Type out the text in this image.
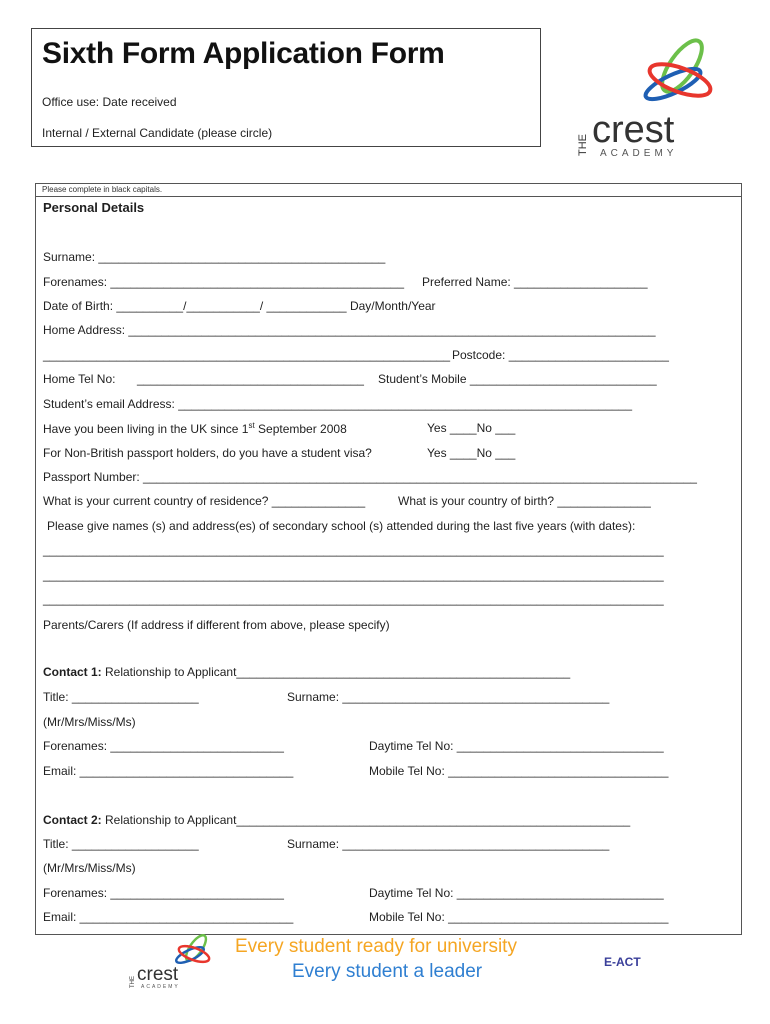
Sixth Form Application Form
Office use: Date received
Internal / External Candidate (please circle)
THE crest
ACADEMY
Please complete in black capitals.
Personal Details
Surname: ___________________________________________
Forenames: ____________________________________________ Preferred Name: ____________________
Date of Birth: __________/___________/ ____________ Day/Month/Year
Home Address: _______________________________________________________________________________
_____________________________________________________________ Postcode: ________________________
Home Tel No: __________________________________ Student’s Mobile ____________________________
Student’s email Address: ____________________________________________________________________
Have you been living in the UK since 1st September 2008	Yes ____No ___
For Non-British passport holders, do you have a student visa?	Yes ____No ___
Passport Number: ___________________________________________________________________________________
What is your current country of residence? ______________	What is your country of birth? ______________
Please give names (s) and address(es) of secondary school (s) attended during the last five years (with dates):
_____________________________________________________________________________________________
_____________________________________________________________________________________________
_____________________________________________________________________________________________
Parents/Carers (If address if different from above, please specify)
Contact 1: Relationship to Applicant__________________________________________________
Title: ___________________	Surname: ________________________________________
(Mr/Mrs/Miss/Ms)
Forenames: __________________________	Daytime Tel No: _______________________________
Email: ________________________________	Mobile Tel No: _________________________________
Contact 2: Relationship to Applicant___________________________________________________________
Title: ___________________	Surname: ________________________________________
(Mr/Mrs/Miss/Ms)
Forenames: __________________________	Daytime Tel No: _______________________________
Email: ________________________________	Mobile Tel No: _________________________________
THE crest
ACADEMY
Every student ready for university
Every student a leader	E-ACT
